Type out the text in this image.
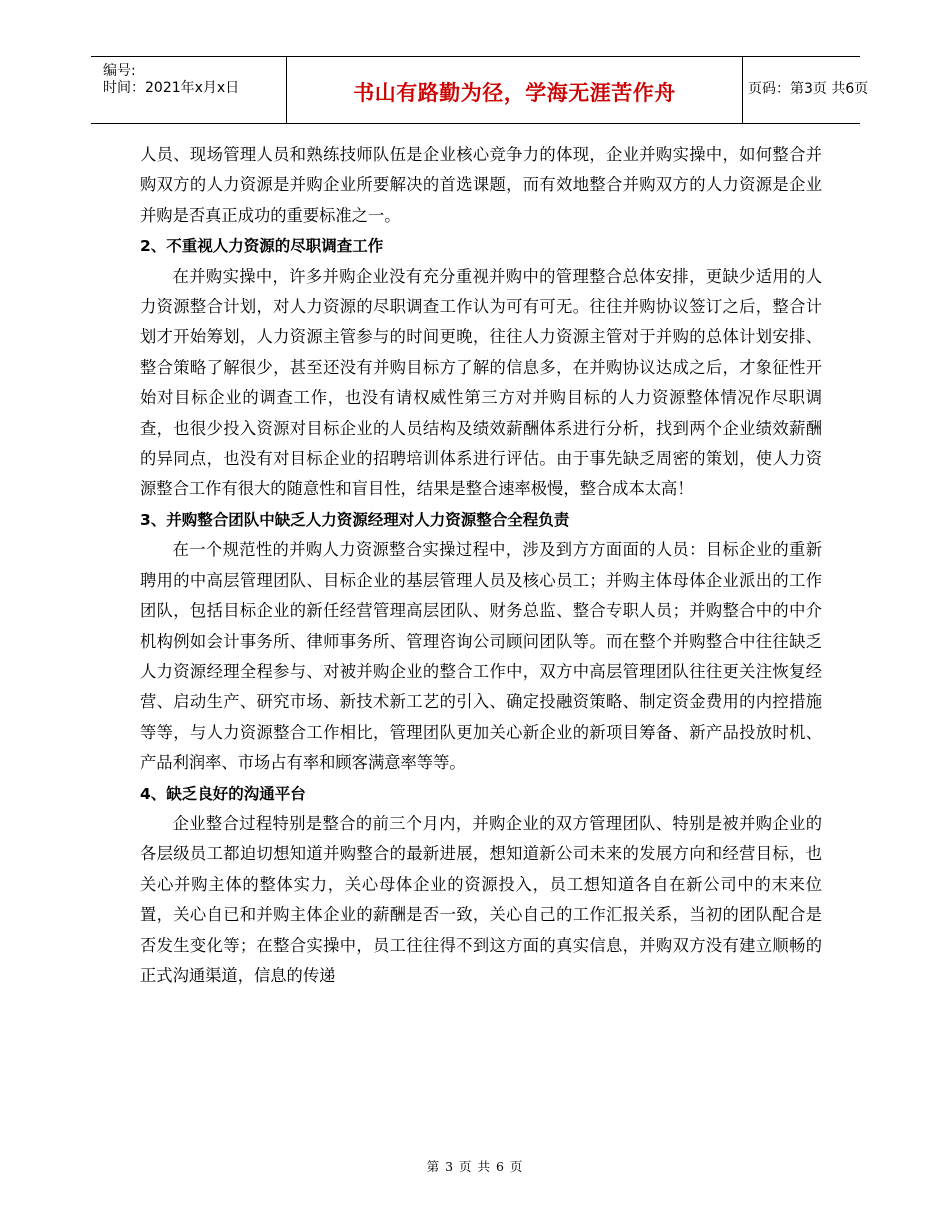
编号:
时间：2021年x月x日	书山有路勤为径，学海无涯苦作舟	页码：第3页 共6页

人员、现场管理人员和熟练技师队伍是企业核心竞争力的体现，企业并购实操中，如何整合并购双方的人力资源是并购企业所要解决的首选课题，而有效地整合并购双方的人力资源是企业并购是否真正成功的重要标准之一。

2、不重视人力资源的尽职调查工作

在并购实操中，许多并购企业没有充分重视并购中的管理整合总体安排，更缺少适用的人力资源整合计划，对人力资源的尽职调查工作认为可有可无。往往并购协议签订之后，整合计划才开始筹划，人力资源主管参与的时间更晚，往往人力资源主管对于并购的总体计划安排、整合策略了解很少，甚至还没有并购目标方了解的信息多，在并购协议达成之后，才象征性开始对目标企业的调查工作，也没有请权威性第三方对并购目标的人力资源整体情况作尽职调查，也很少投入资源对目标企业的人员结构及绩效薪酬体系进行分析，找到两个企业绩效薪酬的异同点，也没有对目标企业的招聘培训体系进行评估。由于事先缺乏周密的策划，使人力资源整合工作有很大的随意性和盲目性，结果是整合速率极慢，整合成本太高！

3、并购整合团队中缺乏人力资源经理对人力资源整合全程负责

在一个规范性的并购人力资源整合实操过程中，涉及到方方面面的人员：目标企业的重新聘用的中高层管理团队、目标企业的基层管理人员及核心员工；并购主体母体企业派出的工作团队，包括目标企业的新任经营管理高层团队、财务总监、整合专职人员；并购整合中的中介机构例如会计事务所、律师事务所、管理咨询公司顾问团队等。而在整个并购整合中往往缺乏人力资源经理全程参与、对被并购企业的整合工作中，双方中高层管理团队往往更关注恢复经营、启动生产、研究市场、新技术新工艺的引入、确定投融资策略、制定资金费用的内控措施等等，与人力资源整合工作相比，管理团队更加关心新企业的新项目筹备、新产品投放时机、产品利润率、市场占有率和顾客满意率等等。

4、缺乏良好的沟通平台

企业整合过程特别是整合的前三个月内，并购企业的双方管理团队、特别是被并购企业的各层级员工都迫切想知道并购整合的最新进展，想知道新公司未来的发展方向和经营目标，也关心并购主体的整体实力，关心母体企业的资源投入，员工想知道各自在新公司中的末来位置，关心自已和并购主体企业的薪酬是否一致，关心自己的工作汇报关系，当初的团队配合是否发生变化等；在整合实操中，员工往往得不到这方面的真实信息，并购双方没有建立顺畅的正式沟通渠道，信息的传递

第 3 页 共 6 页
